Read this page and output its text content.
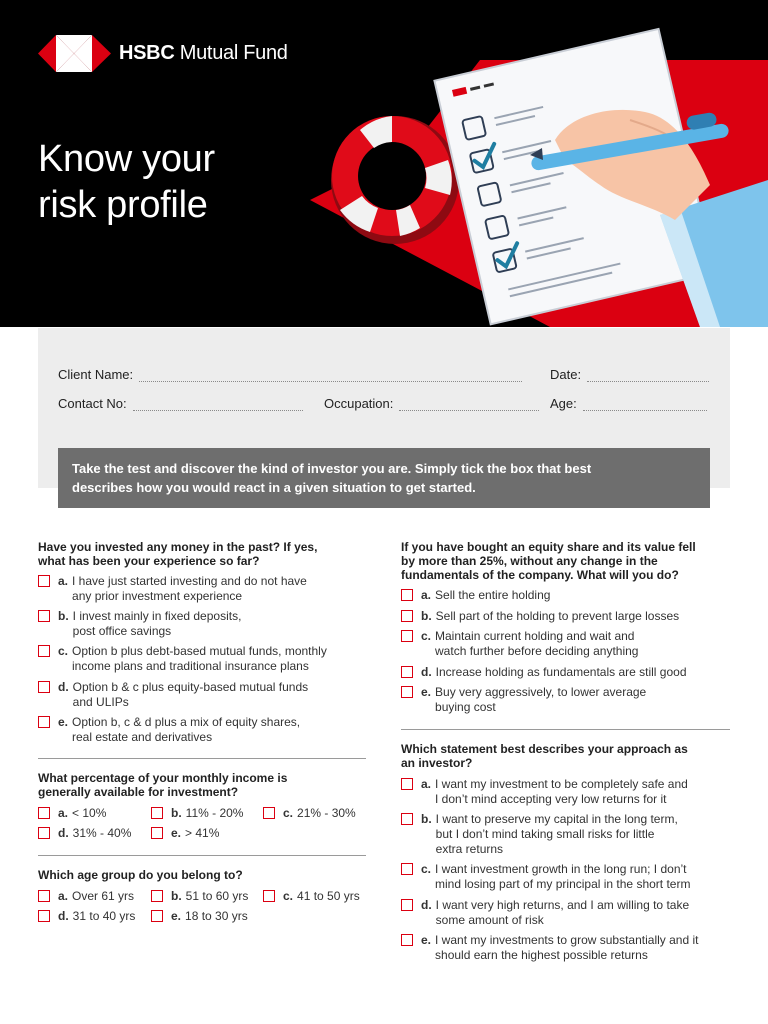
HSBC Mutual Fund
Know your
risk profile
Client Name:	Date:
Contact No:	Occupation:	Age:
Take the test and discover the kind of investor you are. Simply tick the box that best
describes how you would react in a given situation to get started.
Have you invested any money in the past? If yes,
what has been your experience so far?
a. I have just started investing and do not have
any prior investment experience
b. I invest mainly in fixed deposits,
post office savings
c. Option b plus debt-based mutual funds, monthly
income plans and traditional insurance plans
d. Option b & c plus equity-based mutual funds
and ULIPs
e. Option b, c & d plus a mix of equity shares,
real estate and derivatives
What percentage of your monthly income is
generally available for investment?
a. < 10%	b. 11% - 20%	c. 21% - 30%
d. 31% - 40%	e. > 41%
Which age group do you belong to?
a. Over 61 yrs	b. 51 to 60 yrs	c. 41 to 50 yrs
d. 31 to 40 yrs	e. 18 to 30 yrs
If you have bought an equity share and its value fell
by more than 25%, without any change in the
fundamentals of the company. What will you do?
a. Sell the entire holding
b. Sell part of the holding to prevent large losses
c. Maintain current holding and wait and
watch further before deciding anything
d. Increase holding as fundamentals are still good
e. Buy very aggressively, to lower average
buying cost
Which statement best describes your approach as
an investor?
a. I want my investment to be completely safe and
I don’t mind accepting very low returns for it
b. I want to preserve my capital in the long term,
but I don’t mind taking small risks for little
extra returns
c. I want investment growth in the long run; I don’t
mind losing part of my principal in the short term
d. I want very high returns, and I am willing to take
some amount of risk
e. I want my investments to grow substantially and it
should earn the highest possible returns
